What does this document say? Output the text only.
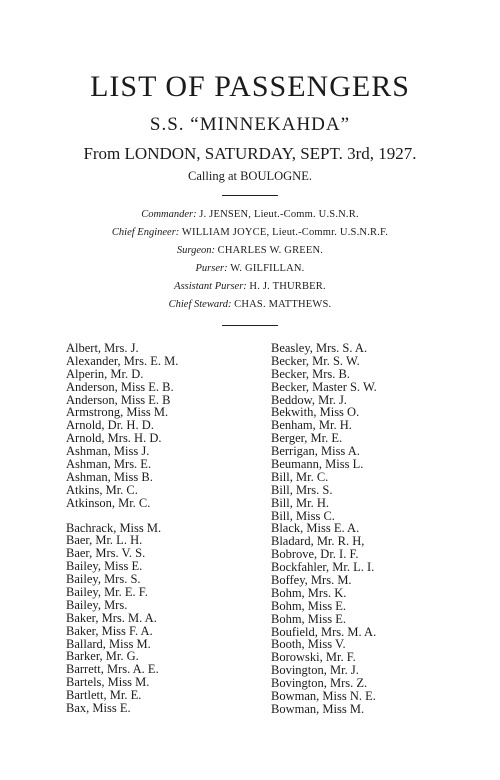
LIST OF PASSENGERS
S.S. “MINNEKAHDA”
From LONDON, SATURDAY, SEPT. 3rd, 1927.
Calling at BOULOGNE.
Commander: J. JENSEN, Lieut.-Comm. U.S.N.R.
Chief Engineer: WILLIAM JOYCE, Lieut.-Commr. U.S.N.R.F.
Surgeon: CHARLES W. GREEN.
Purser: W. GILFILLAN.
Assistant Purser: H. J. THURBER.
Chief Steward: CHAS. MATTHEWS.
Albert, Mrs. J.
Alexander, Mrs. E. M.
Alperin, Mr. D.
Anderson, Miss E. B.
Anderson, Miss E. B
Armstrong, Miss M.
Arnold, Dr. H. D.
Arnold, Mrs. H. D.
Ashman, Miss J.
Ashman, Mrs. E.
Ashman, Miss B.
Atkins, Mr. C.
Atkinson, Mr. C.
Bachrack, Miss M.
Baer, Mr. L. H.
Baer, Mrs. V. S.
Bailey, Miss E.
Bailey, Mrs. S.
Bailey, Mr. E. F.
Bailey, Mrs.
Baker, Mrs. M. A.
Baker, Miss F. A.
Ballard, Miss M.
Barker, Mr. G.
Barrett, Mrs. A. E.
Bartels, Miss M.
Bartlett, Mr. E.
Bax, Miss E.
Beasley, Mrs. S. A.
Becker, Mr. S. W.
Becker, Mrs. B.
Becker, Master S. W.
Beddow, Mr. J.
Bekwith, Miss O.
Benham, Mr. H.
Berger, Mr. E.
Berrigan, Miss A.
Beumann, Miss L.
Bill, Mr. C.
Bill, Mrs. S.
Bill, Mr. H.
Bill, Miss C.
Black, Miss E. A.
Bladard, Mr. R. H,
Bobrove, Dr. I. F.
Bockfahler, Mr. L. I.
Boffey, Mrs. M.
Bohm, Mrs. K.
Bohm, Miss E.
Bohm, Miss E.
Boufield, Mrs. M. A.
Booth, Miss V.
Borowski, Mr. F.
Bovington, Mr. J.
Bovington, Mrs. Z.
Bowman, Miss N. E.
Bowman, Miss M.
